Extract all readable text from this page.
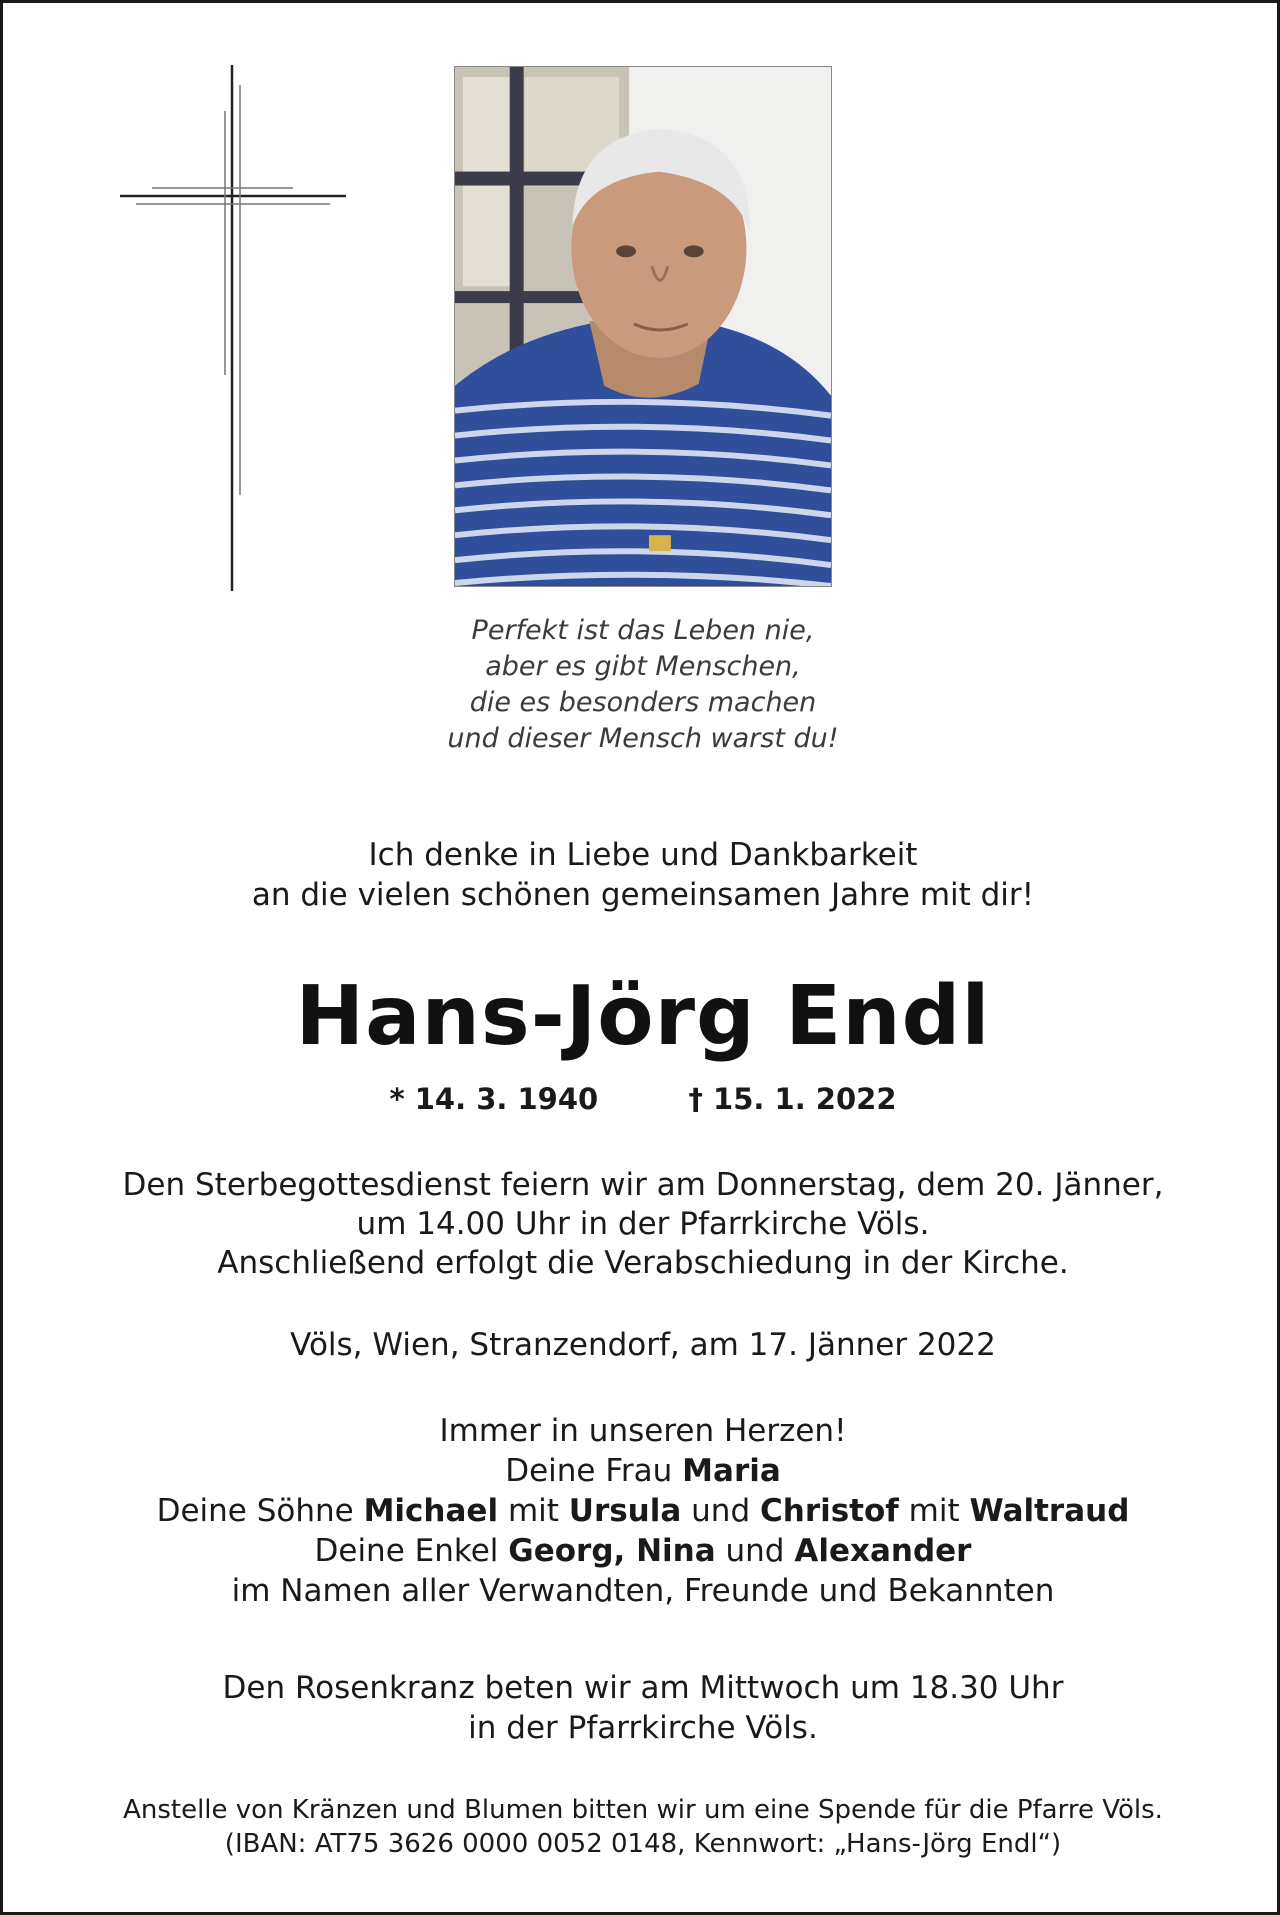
Perfekt ist das Leben nie,
aber es gibt Menschen,
die es besonders machen
und dieser Mensch warst du!
Ich denke in Liebe und Dankbarkeit
an die vielen schönen gemeinsamen Jahre mit dir!
Hans-Jörg Endl
* 14. 3. 1940	† 15. 1. 2022
Den Sterbegottesdienst feiern wir am Donnerstag, dem 20. Jänner,
um 14.00 Uhr in der Pfarrkirche Völs.
Anschließend erfolgt die Verabschiedung in der Kirche.
Völs, Wien, Stranzendorf, am 17. Jänner 2022
Immer in unseren Herzen!
Deine Frau Maria
Deine Söhne Michael mit Ursula und Christof mit Waltraud
Deine Enkel Georg, Nina und Alexander
im Namen aller Verwandten, Freunde und Bekannten
Den Rosenkranz beten wir am Mittwoch um 18.30 Uhr
in der Pfarrkirche Völs.
Anstelle von Kränzen und Blumen bitten wir um eine Spende für die Pfarre Völs.
(IBAN: AT75 3626 0000 0052 0148, Kennwort: „Hans-Jörg Endl“)
